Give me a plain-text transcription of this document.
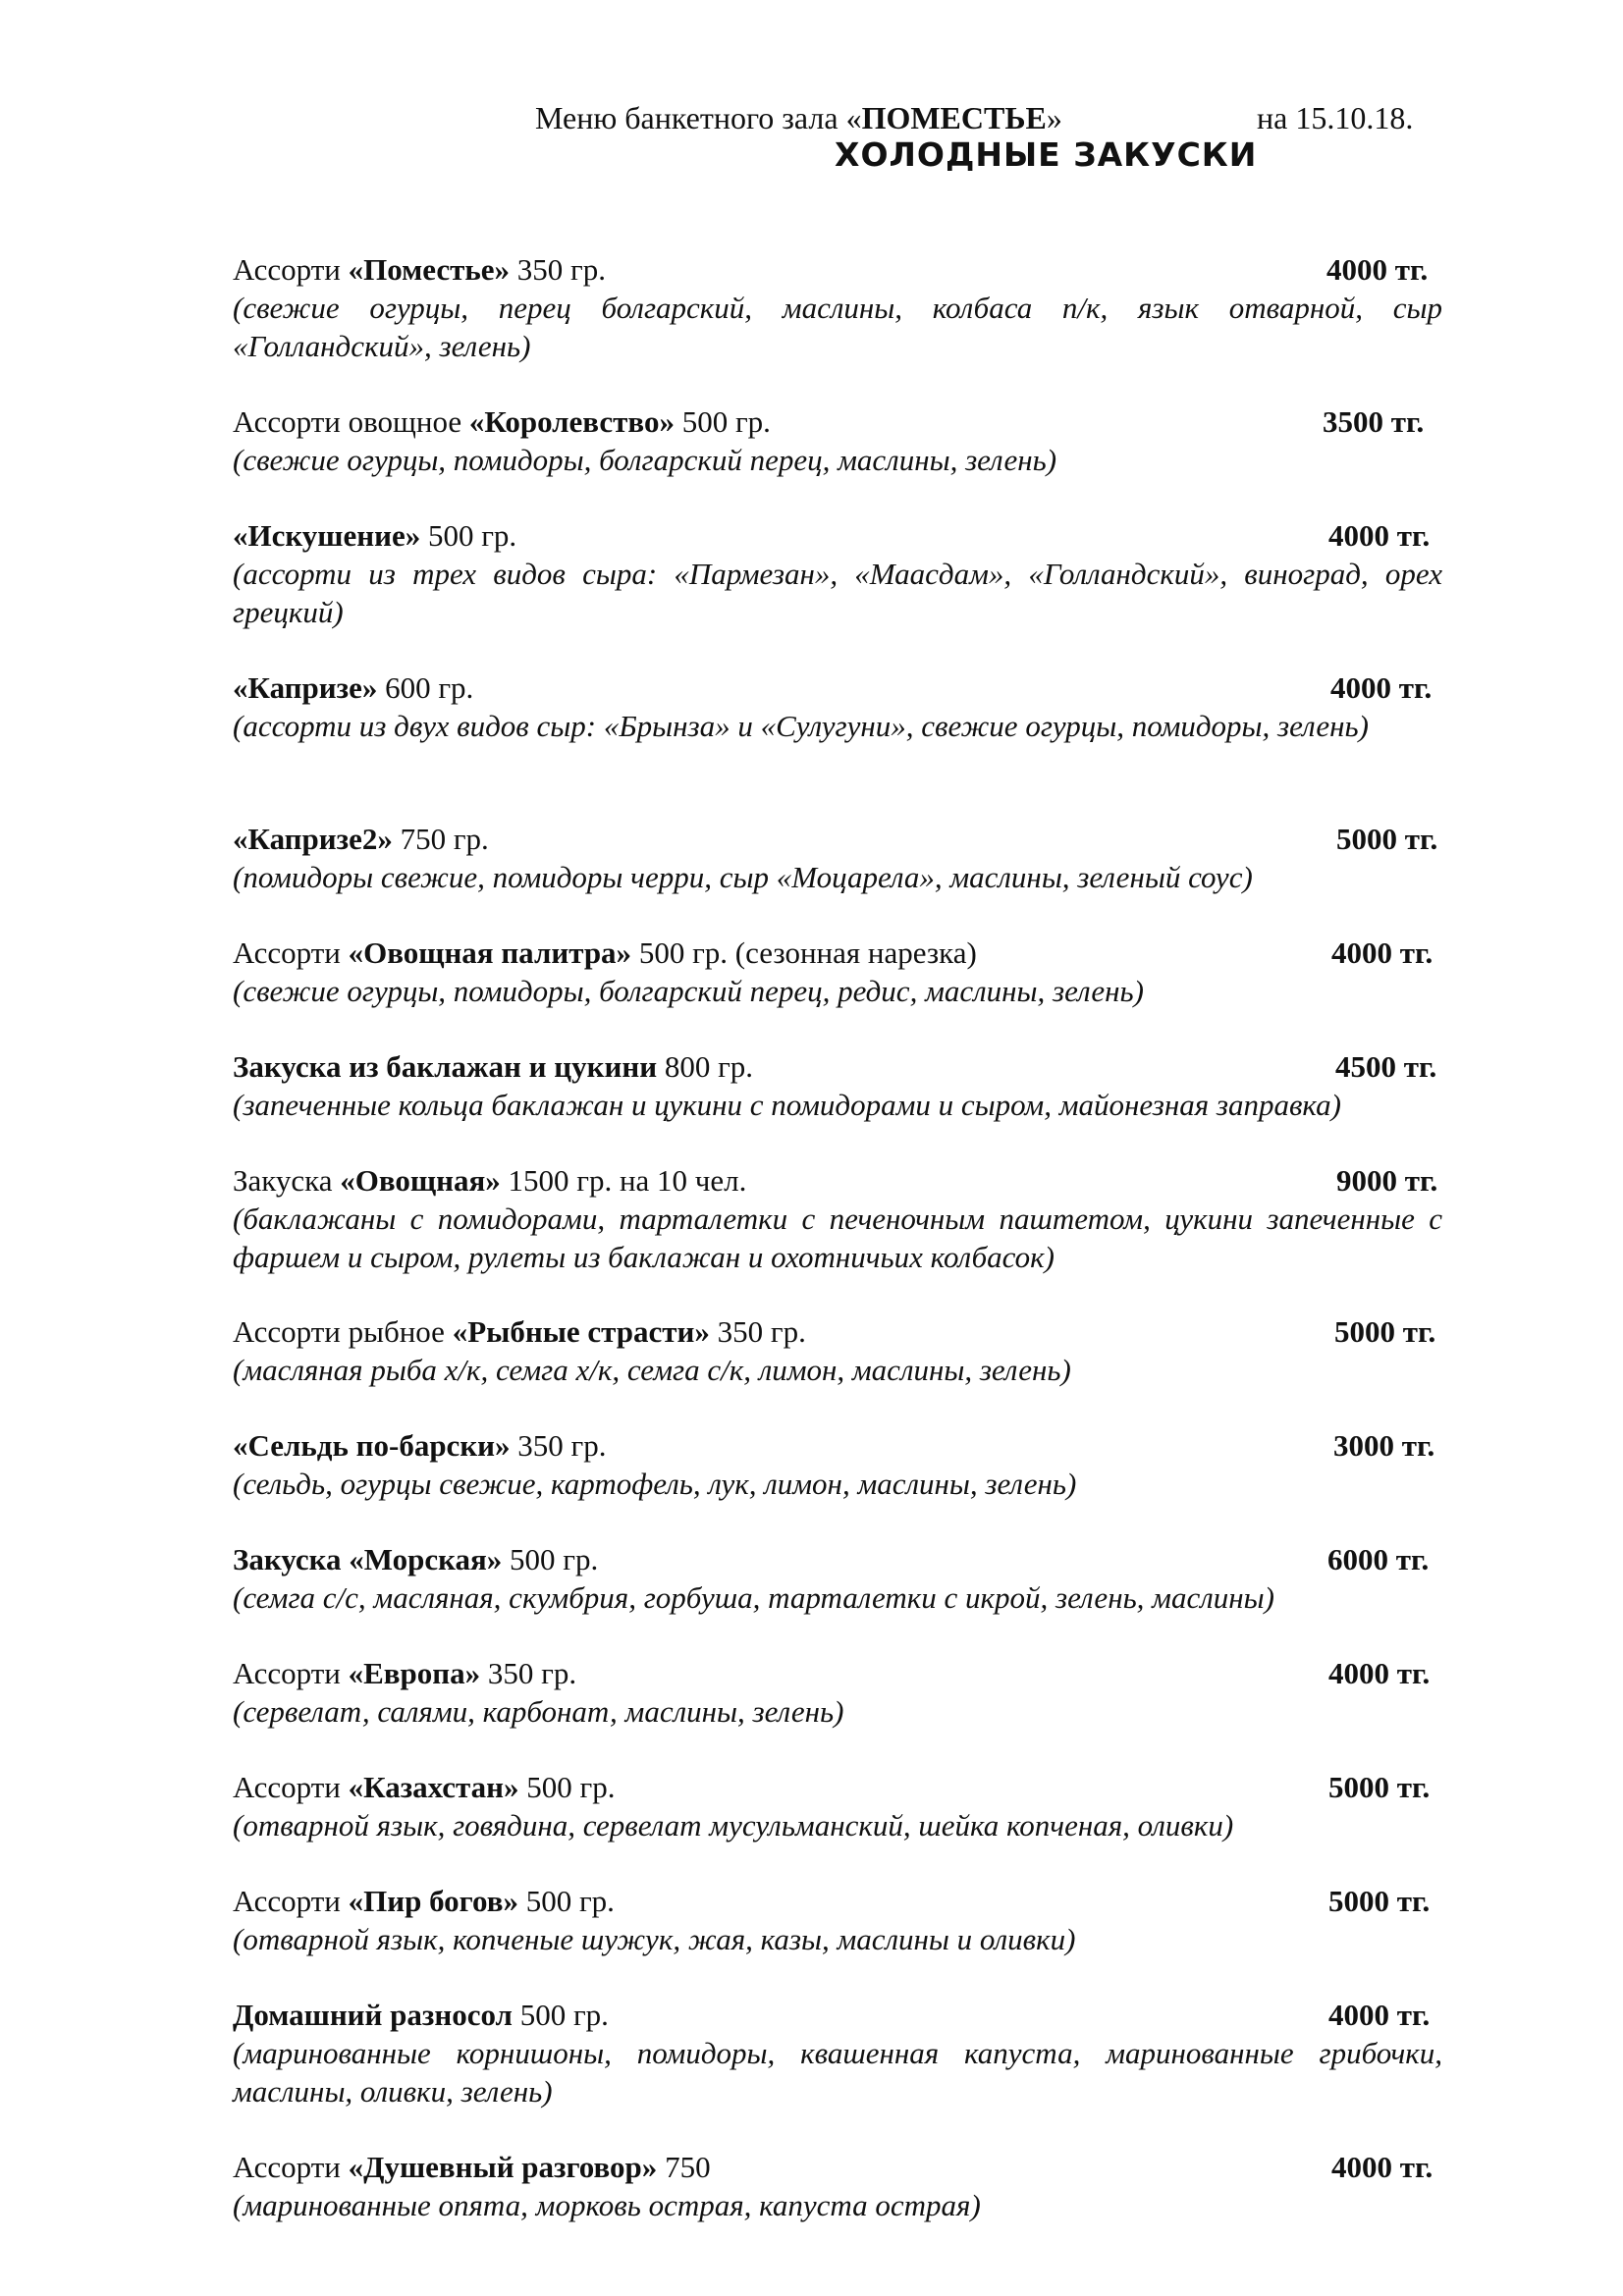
Меню банкетного зала «ПОМЕСТЬЕ»	на 15.10.18.
ХОЛОДНЫЕ ЗАКУСКИ
Ассорти «Поместье» 350 гр.	4000 тг.
(свежие огурцы, перец болгарский, маслины, колбаса п/к, язык отварной, сыр «Голландский», зелень)
Ассорти овощное «Королевство» 500 гр.	3500 тг.
(свежие огурцы, помидоры, болгарский перец, маслины, зелень)
«Искушение» 500 гр.	4000 тг.
(ассорти из трех видов сыра: «Пармезан», «Маасдам», «Голландский», виноград, орех грецкий)
«Капризе» 600 гр.	4000 тг.
(ассорти из двух видов сыр: «Брынза» и «Сулугуни», свежие огурцы, помидоры, зелень)
«Капризе2» 750 гр.	5000 тг.
(помидоры свежие, помидоры черри, сыр «Моцарела», маслины, зеленый соус)
Ассорти «Овощная палитра» 500 гр. (сезонная нарезка)	4000 тг.
(свежие огурцы, помидоры, болгарский перец, редис, маслины, зелень)
Закуска из баклажан и цукини 800 гр.	4500 тг.
(запеченные кольца баклажан и цукини с помидорами и сыром, майонезная заправка)
Закуска «Овощная» 1500 гр. на 10 чел.	9000 тг.
(баклажаны с помидорами, тарталетки с печеночным паштетом, цукини запеченные с фаршем и сыром, рулеты из баклажан и охотничьих колбасок)
Ассорти рыбное «Рыбные страсти» 350 гр.	5000 тг.
(масляная рыба х/к, семга х/к, семга с/к, лимон, маслины, зелень)
«Сельдь по-барски» 350 гр.	3000 тг.
(сельдь, огурцы свежие, картофель, лук, лимон, маслины, зелень)
Закуска «Морская» 500 гр.	6000 тг.
(семга с/с, масляная, скумбрия, горбуша, тарталетки с икрой, зелень, маслины)
Ассорти «Европа» 350 гр.	4000 тг.
(сервелат, салями, карбонат, маслины, зелень)
Ассорти «Казахстан» 500 гр.	5000 тг.
(отварной язык, говядина, сервелат мусульманский, шейка копченая, оливки)
Ассорти «Пир богов» 500 гр.	5000 тг.
(отварной язык, копченые шужук, жая, казы, маслины и оливки)
Домашний разносол 500 гр.	4000 тг.
(маринованные корнишоны, помидоры, квашенная капуста, маринованные грибочки, маслины, оливки, зелень)
Ассорти «Душевный разговор» 750	4000 тг.
(маринованные опята, морковь острая, капуста острая)
